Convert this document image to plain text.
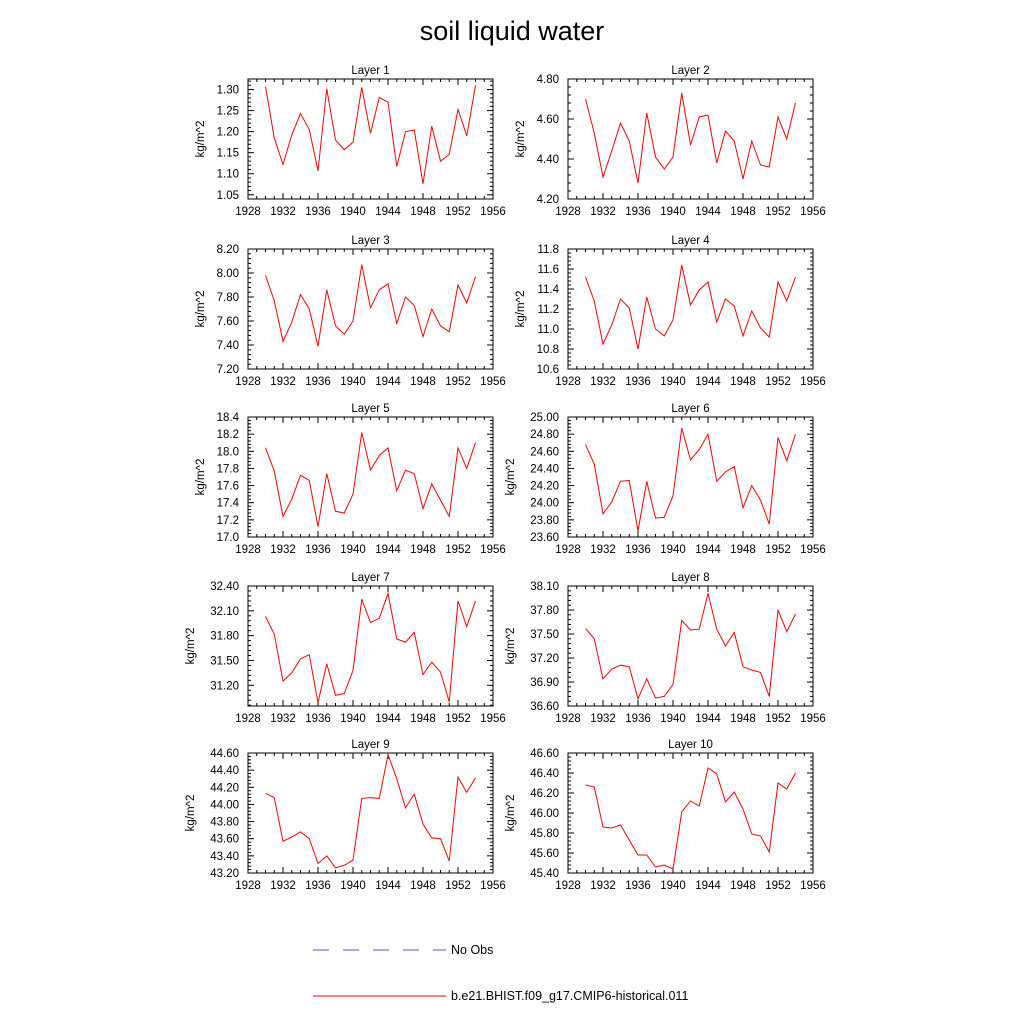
soil liquid water
Layer 1
1928 1932 1936 1940 1944 1948 1952 1956
1.05
1.10
1.15
1.20
1.25
1.30
kg/m^2
Layer 2
1928 1932 1936 1940 1944 1948 1952 1956
4.20
4.40
4.60
4.80
kg/m^2
Layer 3
1928 1932 1936 1940 1944 1948 1952 1956
7.20
7.40
7.60
7.80
8.00
8.20
kg/m^2
Layer 4
1928 1932 1936 1940 1944 1948 1952 1956
10.6
10.8
11.0
11.2
11.4
11.6
11.8
kg/m^2
Layer 5
1928 1932 1936 1940 1944 1948 1952 1956
17.0
17.2
17.4
17.6
17.8
18.0
18.2
18.4
kg/m^2
Layer 6
1928 1932 1936 1940 1944 1948 1952 1956
23.60
23.80
24.00
24.20
24.40
24.60
24.80
25.00
kg/m^2
Layer 7
1928 1932 1936 1940 1944 1948 1952 1956
31.20
31.50
31.80
32.10
32.40
kg/m^2
Layer 8
1928 1932 1936 1940 1944 1948 1952 1956
36.60
36.90
37.20
37.50
37.80
38.10
kg/m^2
Layer 9
1928 1932 1936 1940 1944 1948 1952 1956
43.20
43.40
43.60
43.80
44.00
44.20
44.40
44.60
kg/m^2
Layer 10
1928 1932 1936 1940 1944 1948 1952 1956
45.40
45.60
45.80
46.00
46.20
46.40
46.60
kg/m^2
No Obs
b.e21.BHIST.f09_g17.CMIP6-historical.011
